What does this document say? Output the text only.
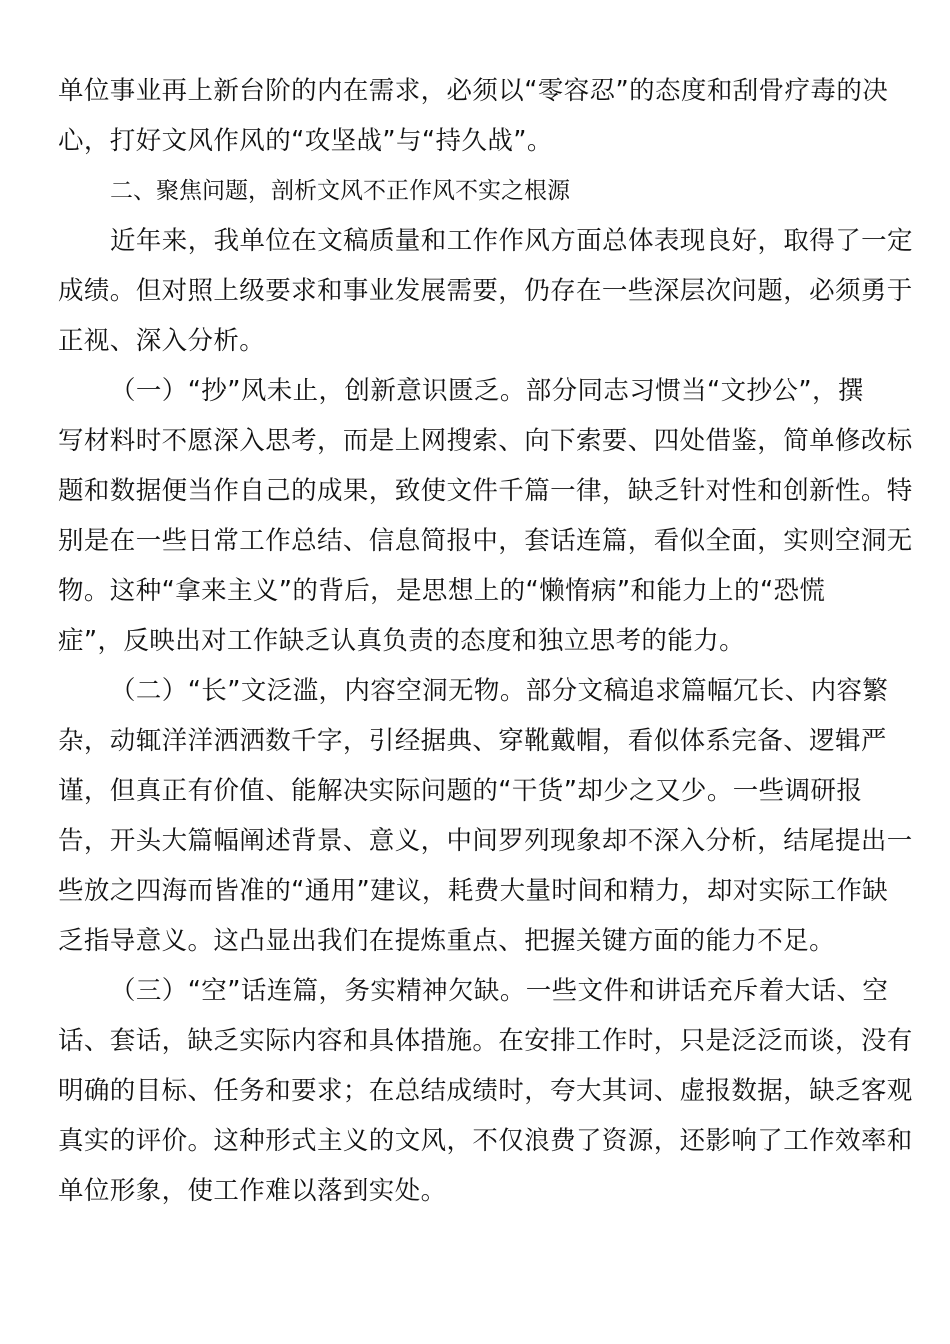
单位事业再上新台阶的内在需求，必须以“零容忍”的态度和刮骨疗毒的决
心，打好文风作风的“攻坚战”与“持久战”。
二、聚焦问题，剖析文风不正作风不实之根源
近年来，我单位在文稿质量和工作作风方面总体表现良好，取得了一定
成绩。但对照上级要求和事业发展需要，仍存在一些深层次问题，必须勇于
正视、深入分析。
（一）“抄”风未止，创新意识匮乏。部分同志习惯当“文抄公”，撰
写材料时不愿深入思考，而是上网搜索、向下索要、四处借鉴，简单修改标
题和数据便当作自己的成果，致使文件千篇一律，缺乏针对性和创新性。特
别是在一些日常工作总结、信息简报中，套话连篇，看似全面，实则空洞无
物。这种“拿来主义”的背后，是思想上的“懒惰病”和能力上的“恐慌
症”，反映出对工作缺乏认真负责的态度和独立思考的能力。
（二）“长”文泛滥，内容空洞无物。部分文稿追求篇幅冗长、内容繁
杂，动辄洋洋洒洒数千字，引经据典、穿靴戴帽，看似体系完备、逻辑严
谨，但真正有价值、能解决实际问题的“干货”却少之又少。一些调研报
告，开头大篇幅阐述背景、意义，中间罗列现象却不深入分析，结尾提出一
些放之四海而皆准的“通用”建议，耗费大量时间和精力，却对实际工作缺
乏指导意义。这凸显出我们在提炼重点、把握关键方面的能力不足。
（三）“空”话连篇，务实精神欠缺。一些文件和讲话充斥着大话、空
话、套话，缺乏实际内容和具体措施。在安排工作时，只是泛泛而谈，没有
明确的目标、任务和要求；在总结成绩时，夸大其词、虚报数据，缺乏客观
真实的评价。这种形式主义的文风，不仅浪费了资源，还影响了工作效率和
单位形象，使工作难以落到实处。
